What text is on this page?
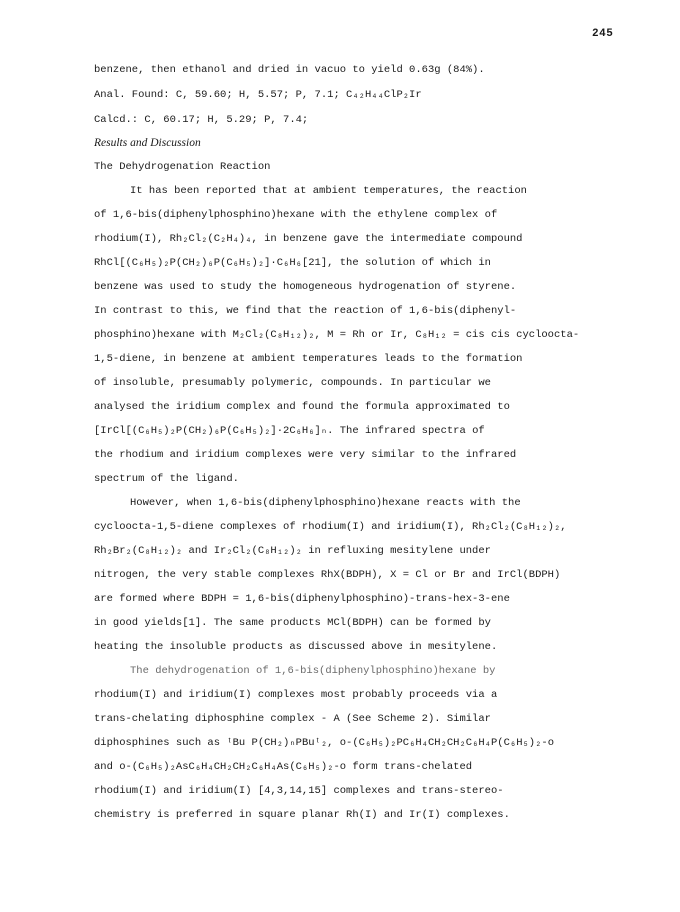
245
benzene, then ethanol and dried in vacuo to yield 0.63g (84%).
Anal. Found: C, 59.60; H, 5.57; P, 7.1; C₄₂H₄₄ClP₂Ir
Calcd.: C, 60.17; H, 5.29; P, 7.4;
Results and Discussion
The Dehydrogenation Reaction
It has been reported that at ambient temperatures, the reaction
of 1,6-bis(diphenylphosphino)hexane with the ethylene complex of
rhodium(I), Rh₂Cl₂(C₂H₄)₄, in benzene gave the intermediate compound
RhCl[(C₆H₅)₂P(CH₂)₆P(C₆H₅)₂]·C₆H₆[21], the solution of which in
benzene was used to study the homogeneous hydrogenation of styrene.
In contrast to this, we find that the reaction of 1,6-bis(diphenyl-
phosphino)hexane with M₂Cl₂(C₈H₁₂)₂, M = Rh or Ir, C₈H₁₂ = cis cis cycloocta-
1,5-diene, in benzene at ambient temperatures leads to the formation
of insoluble, presumably polymeric, compounds. In particular we
analysed the iridium complex and found the formula approximated to
[IrCl[(C₆H₅)₂P(CH₂)₆P(C₆H₅)₂]·2C₆H₆]ₙ. The infrared spectra of
the rhodium and iridium complexes were very similar to the infrared
spectrum of the ligand.
However, when 1,6-bis(diphenylphosphino)hexane reacts with the
cycloocta-1,5-diene complexes of rhodium(I) and iridium(I), Rh₂Cl₂(C₈H₁₂)₂,
Rh₂Br₂(C₈H₁₂)₂ and Ir₂Cl₂(C₈H₁₂)₂ in refluxing mesitylene under
nitrogen, the very stable complexes RhX(BDPH), X = Cl or Br and IrCl(BDPH)
are formed where BDPH = 1,6-bis(diphenylphosphino)-trans-hex-3-ene
in good yields[1]. The same products MCl(BDPH) can be formed by
heating the insoluble products as discussed above in mesitylene.
The dehydrogenation of 1,6-bis(diphenylphosphino)hexane by
rhodium(I) and iridium(I) complexes most probably proceeds via a
trans-chelating diphosphine complex - A (See Scheme 2). Similar
diphosphines such as ᵗBu P(CH₂)ₙPBuᵗ₂, o-(C₆H₅)₂PC₆H₄CH₂CH₂C₆H₄P(C₆H₅)₂-o
and o-(C₆H₅)₂AsC₆H₄CH₂CH₂C₆H₄As(C₆H₅)₂-o form trans-chelated
rhodium(I) and iridium(I) [4,3,14,15] complexes and trans-stereo-
chemistry is preferred in square planar Rh(I) and Ir(I) complexes.
